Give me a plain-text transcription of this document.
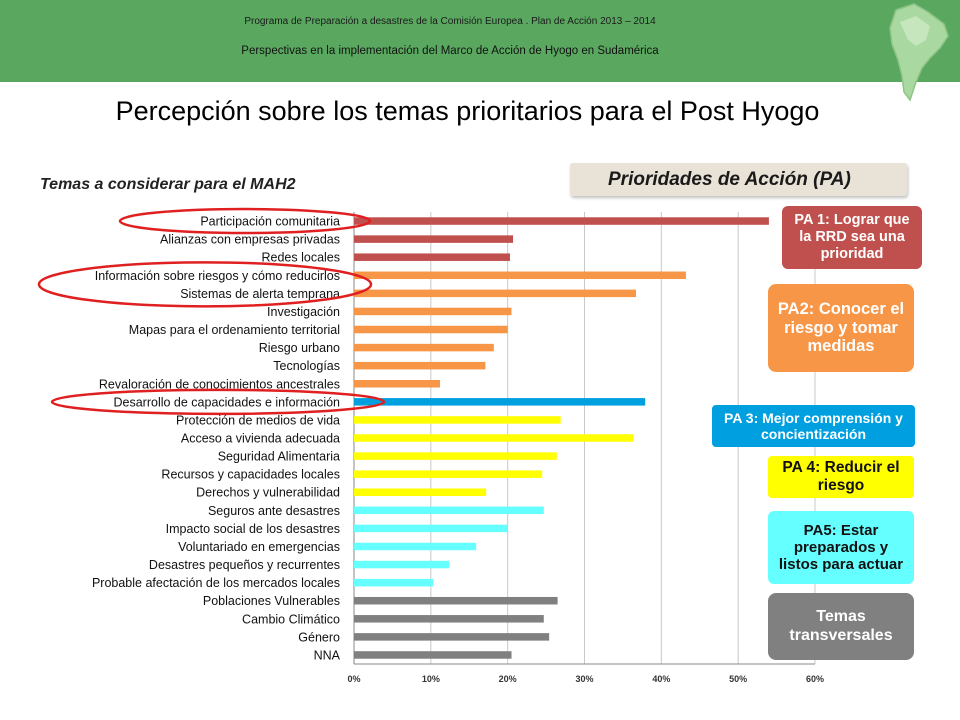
Programa de Preparación a desastres de la Comisión Europea . Plan de Acción 2013 – 2014
Perspectivas en la implementación del Marco de Acción de Hyogo en Sudamérica
Percepción sobre los temas prioritarios para el Post Hyogo
Temas a considerar para el MAH2	Prioridades de Acción (PA)
0%	10%	20%	30%	40%	50%	60%
Participación comunitaria
Alianzas con empresas privadas
Redes locales
Información sobre riesgos y cómo reducirlos
Sistemas de alerta temprana
Investigación
Mapas para el ordenamiento territorial
Riesgo urbano
Tecnologías
Revaloración de conocimientos ancestrales
Desarrollo de capacidades e información
Protección de medios de vida
Acceso a vivienda adecuada
Seguridad Alimentaria
Recursos y capacidades locales
Derechos y vulnerabilidad
Seguros ante desastres
Impacto social de los desastres
Voluntariado en emergencias
Desastres pequeños y recurrentes
Probable afectación de los mercados locales
Poblaciones Vulnerables
Cambio Climático
Género
NNA
PA 1: Lograr que la RRD sea una prioridad
PA2: Conocer el riesgo y tomar medidas
PA 3: Mejor comprensión y concientización
PA 4: Reducir el riesgo
PA5: Estar preparados y listos para actuar
Temas transversales
